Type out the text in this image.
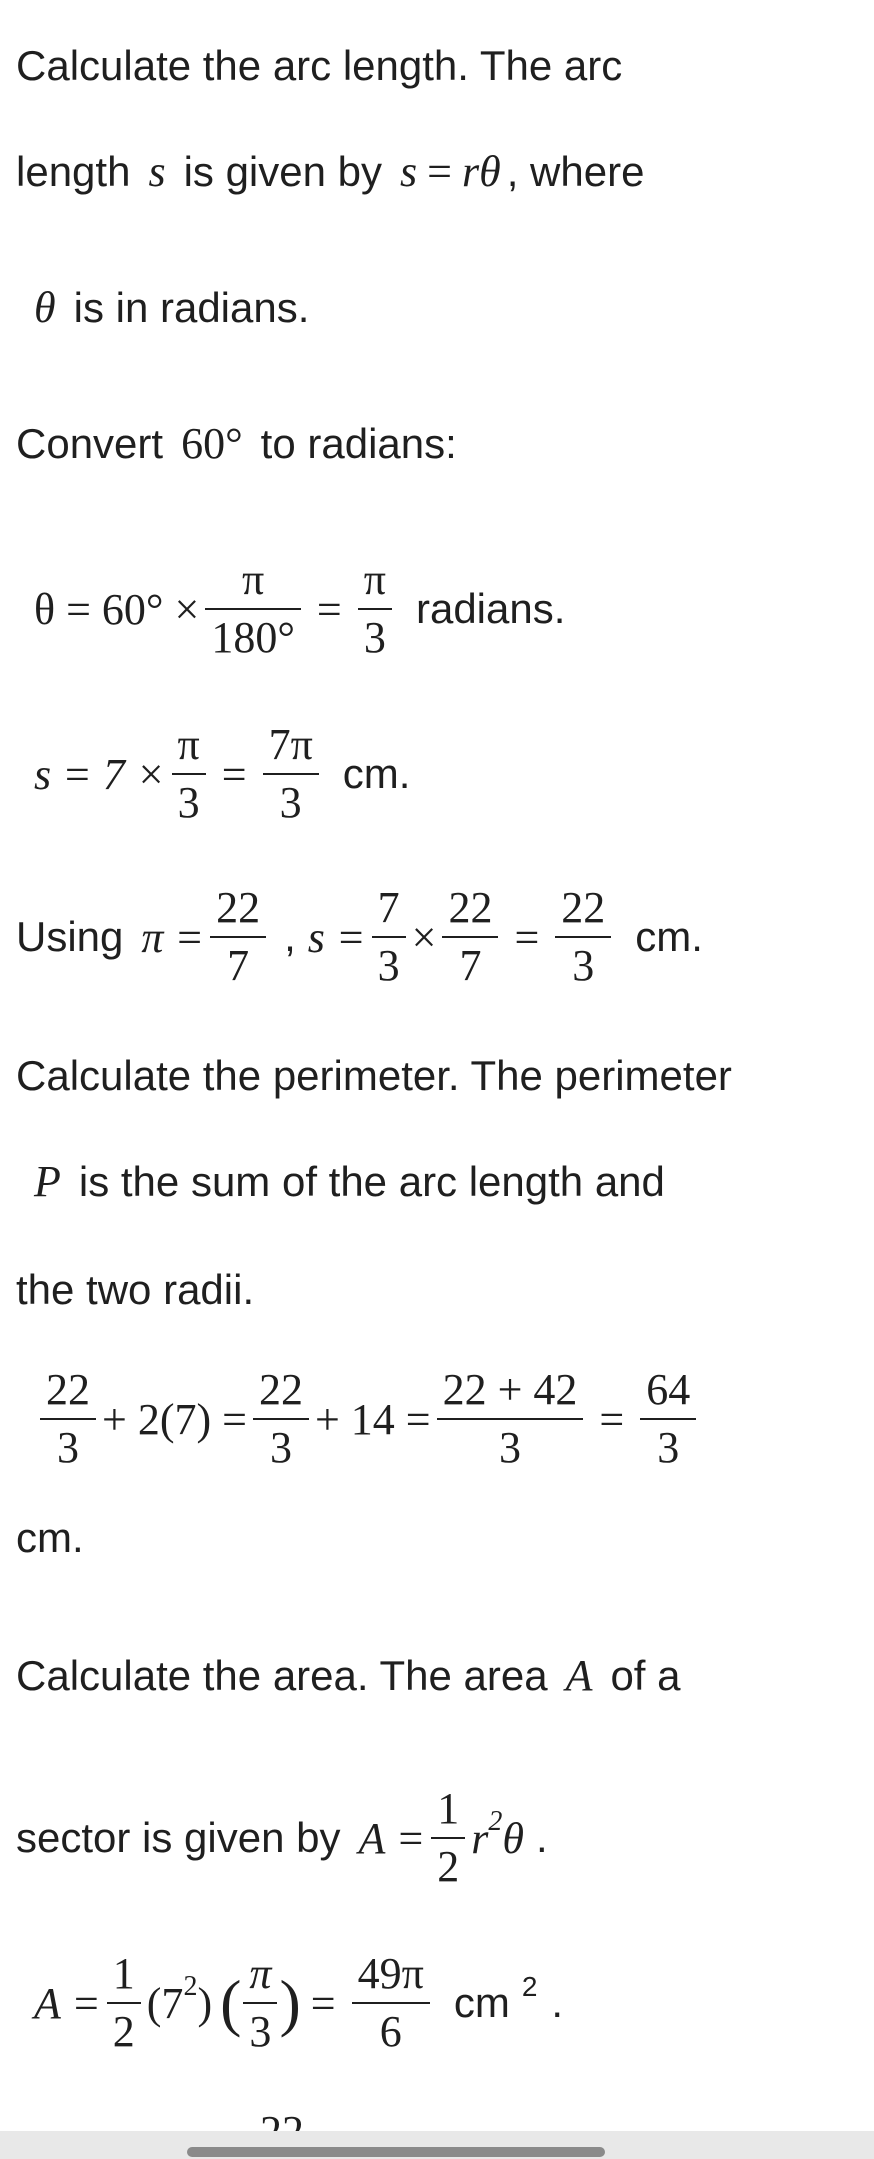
Calculate the arc length. The arc
length s is given by s = r θ , where
θ is in radians.
Convert 60° to radians:
$\theta = 60^\circ \times \frac{\pi}{180^\circ} = \frac{\pi}{3}$ radians.
$s = 7 \times \frac{\pi}{3} = \frac{7\pi}{3}$ cm.
Using $\pi = \frac{22}{7}$ , $s = \frac{7}{3} \times \frac{22}{7} = \frac{22}{3}$ cm.
Calculate the perimeter. The perimeter
P is the sum of the arc length and
the two radii.
$\frac{22}{3} + 2(7) = \frac{22}{3} + 14 = \frac{22 + 42}{3} = \frac{64}{3}$
cm.
Calculate the area. The area A of a
sector is given by $A = \frac{1}{2}$ r 2 θ .
$A = \frac{1}{2} (7$ 2 ) ( $\frac{\pi}{3}$ ) = $\frac{49\pi}{6}$ cm 2 .
